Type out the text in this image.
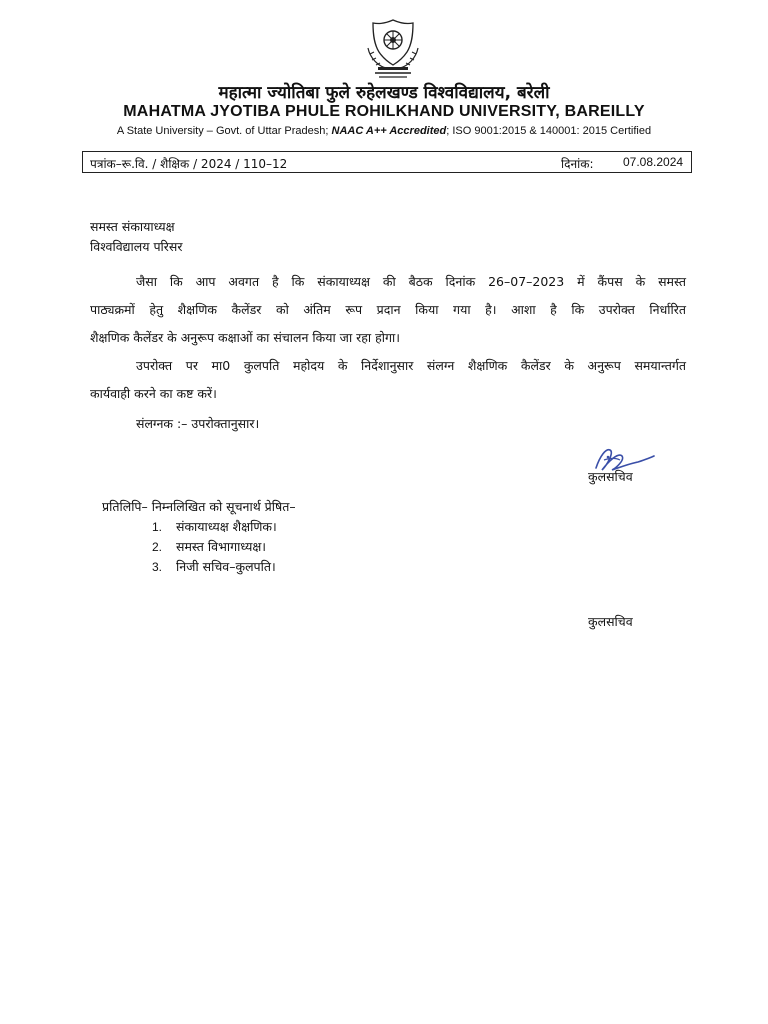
महात्मा ज्योतिबा फुले रुहेलखण्ड विश्वविद्यालय, बरेली
MAHATMA JYOTIBA PHULE ROHILKHAND UNIVERSITY, BAREILLY
A State University – Govt. of Uttar Pradesh; NAAC A++ Accredited; ISO 9001:2015 & 140001: 2015 Certified
पत्रांक–रू.वि. / शैक्षिक / 2024 / 110–12	दिनांक: 07.08.2024
समस्त संकायाध्यक्ष
विश्वविद्यालय परिसर
जैसा कि आप अवगत है कि संकायाध्यक्ष की बैठक दिनांक 26–07–2023 में कैंपस के समस्त
पाठ्यक्रमों हेतु शैक्षणिक कैलेंडर को अंतिम रूप प्रदान किया गया है। आशा है कि उपरोक्त निर्धारित
शैक्षणिक कैलेंडर के अनुरूप कक्षाओं का संचालन किया जा रहा होगा।
उपरोक्त पर मा0 कुलपति महोदय के निर्देशानुसार संलग्न शैक्षणिक कैलेंडर के अनुरूप समयान्तर्गत
कार्यवाही करने का कष्ट करें।
संलग्नक :– उपरोक्तानुसार।
कुलसचिव
प्रतिलिपि– निम्नलिखित को सूचनार्थ प्रेषित–
1. संकायाध्यक्ष शैक्षणिक।
2. समस्त विभागाध्यक्ष।
3. निजी सचिव–कुलपति।
कुलसचिव
